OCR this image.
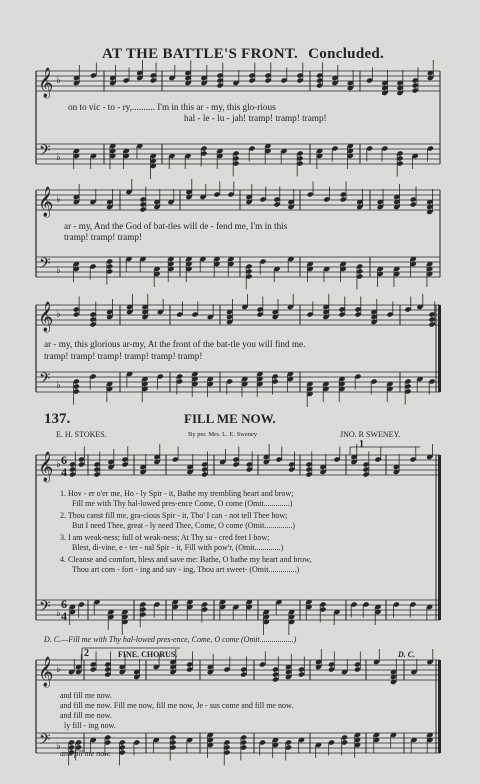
AT THE BATTLE'S FRONT. Concluded.
𝄞
𝄢
♭
♭
𝄞
𝄢
♭
♭
𝄞
𝄢
♭
♭
𝄞
𝄢
♭
♭
𝄞
𝄢
♭
♭
on to vic - to - ry,.......... I'm in this ar - my, this glo-rious
hal - le - lu - jah! tramp! tramp! tramp!
ar - my, And the God of bat-tles will de - fend me, I'm in this
tramp! tramp! tramp!
ar - my, this glorious ar-my, At the front of the bat-tle you will find me.
tramp! tramp! tramp! tramp! tramp! tramp!
137.	FILL ME NOW.
E. H. STOKES.	By per. Mrs. L. E. Sweney	JNO. R SWENEY.
1
6
4
6
4
1. Hov - er o'er me, Ho - ly Spir - it, Bathe my trembling heart and brow;
Fill me with Thy hal-lowed pres-ence Come, O come (Omit.............)
2. Thou canst fill me, gra-cious Spir - it, Tho' I can - not tell Thee how;
But I need Thee, great - ly need Thee, Come, O come (Omit..............)
3. I am weak-ness; full of weak-ness; At Thy sa - cred feet I bow;
Blest, di-vine, e - ter - nal Spir - it, Fill with pow'r, (Omit.............)
4. Cleanse and comfort, bless and save me: Bathe, O bathe my heart and brow,
Thou art com - fort - ing and sav - ing, Thou art sweet- (Omit..............)
D. C.—Fill me with Thy hal-lowed pres-ence, Come, O come (Omit.................)
2	FINE. CHORUS.	D. C.
and fill me now.
and fill me now. Fill me now, fill me now, Je - sus come and fill me now.
and fill me now.
ly fill - ing now.
and fill me now.
